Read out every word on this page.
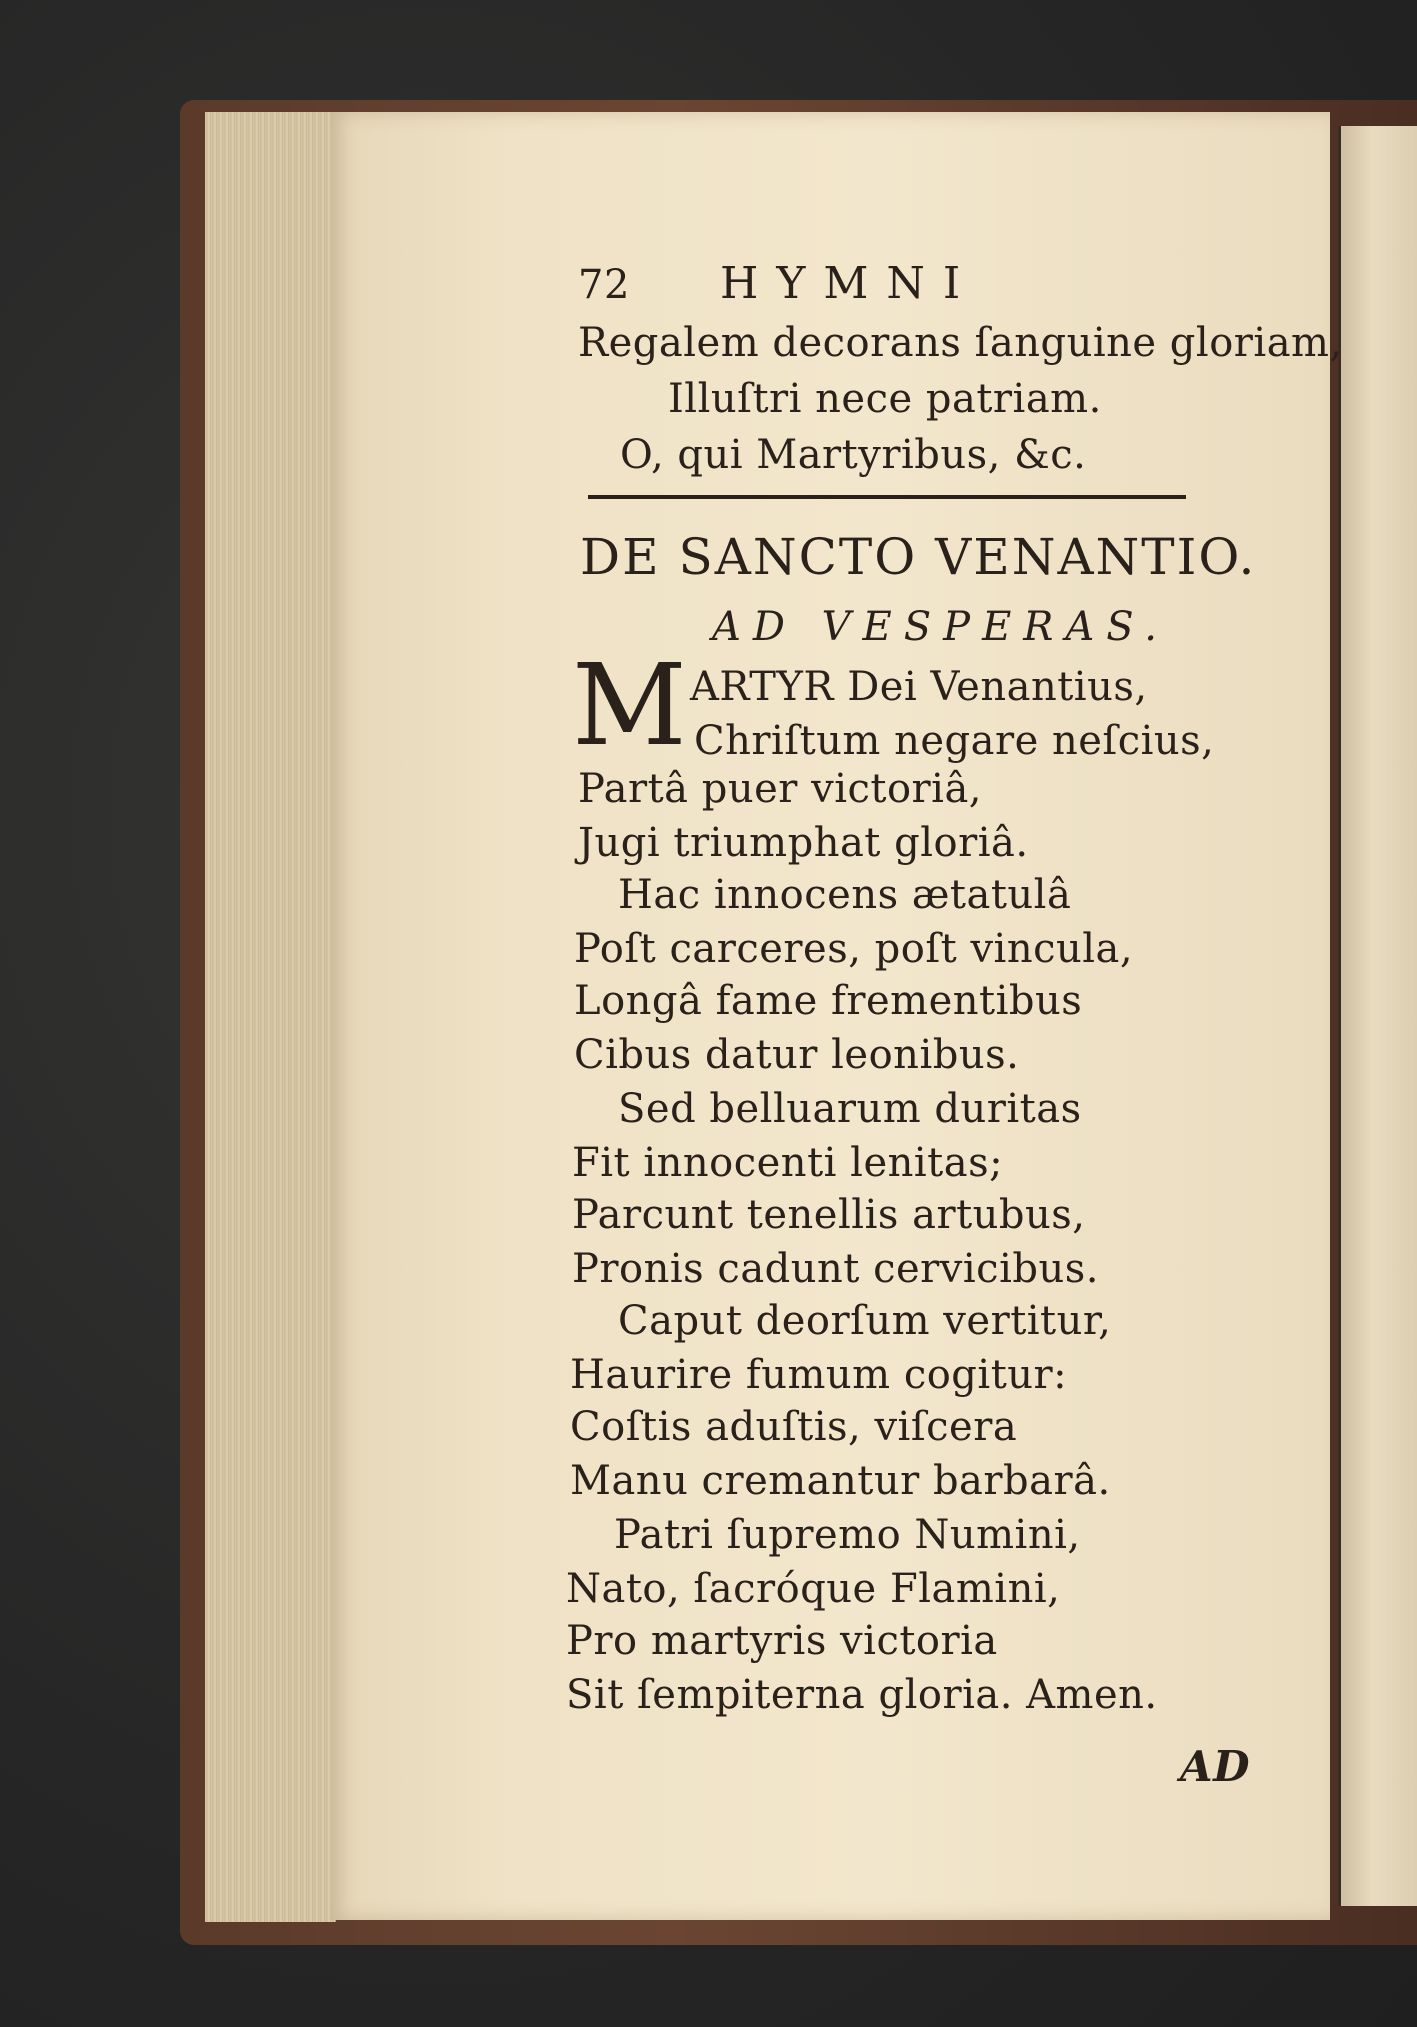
72 H Y M N I
Regalem decorans ſanguine gloriam,
Illuſtri nece patriam.
O, qui Martyribus, &c.
DE SANCTO VENANTIO.
AD VESPERAS.
M ARTYR Dei Venantius,
Chriſtum negare neſcius,
Partâ puer victoriâ,
Jugi triumphat gloriâ.
Hac innocens ætatulâ
Poſt carceres, poſt vincula,
Longâ fame frementibus
Cibus datur leonibus.
Sed belluarum duritas
Fit innocenti lenitas;
Parcunt tenellis artubus,
Pronis cadunt cervicibus.
Caput deorſum vertitur,
Haurire fumum cogitur:
Coſtis aduſtis, viſcera
Manu cremantur barbarâ.
Patri ſupremo Numini,
Nato, ſacróque Flamini,
Pro martyris victoria
Sit ſempiterna gloria. Amen.
AD
